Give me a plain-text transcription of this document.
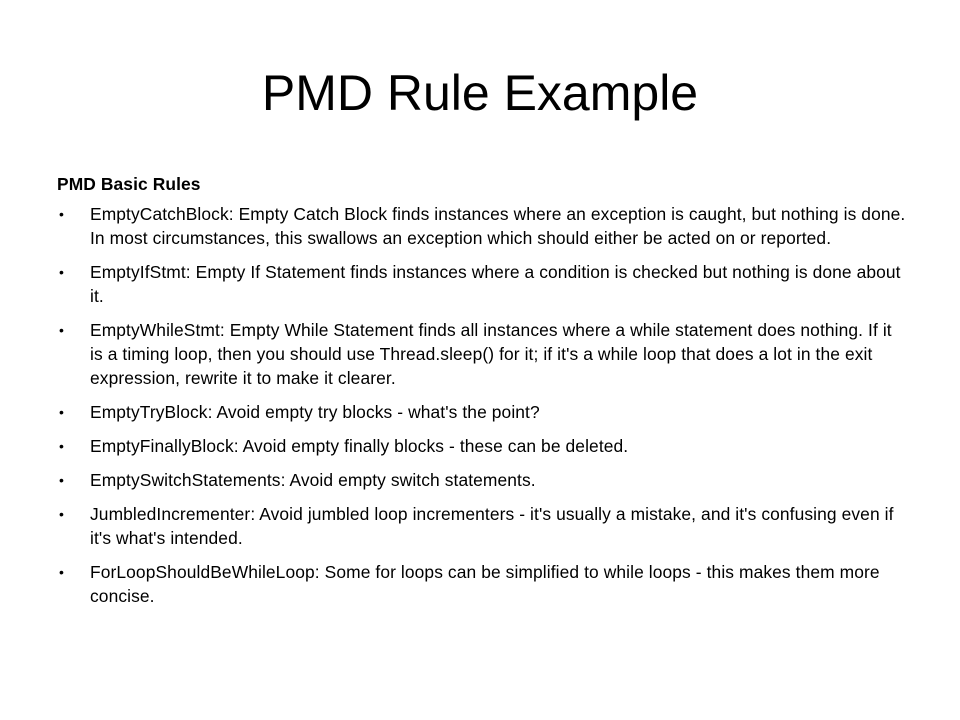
PMD Rule Example
PMD Basic Rules
• EmptyCatchBlock: Empty Catch Block finds instances where an exception is caught, but nothing is done. In most circumstances, this swallows an exception which should either be acted on or reported.
• EmptyIfStmt: Empty If Statement finds instances where a condition is checked but nothing is done about it.
• EmptyWhileStmt: Empty While Statement finds all instances where a while statement does nothing. If it is a timing loop, then you should use Thread.sleep() for it; if it's a while loop that does a lot in the exit expression, rewrite it to make it clearer.
• EmptyTryBlock: Avoid empty try blocks - what's the point?
• EmptyFinallyBlock: Avoid empty finally blocks - these can be deleted.
• EmptySwitchStatements: Avoid empty switch statements.
• JumbledIncrementer: Avoid jumbled loop incrementers - it's usually a mistake, and it's confusing even if it's what's intended.
• ForLoopShouldBeWhileLoop: Some for loops can be simplified to while loops - this makes them more concise.
